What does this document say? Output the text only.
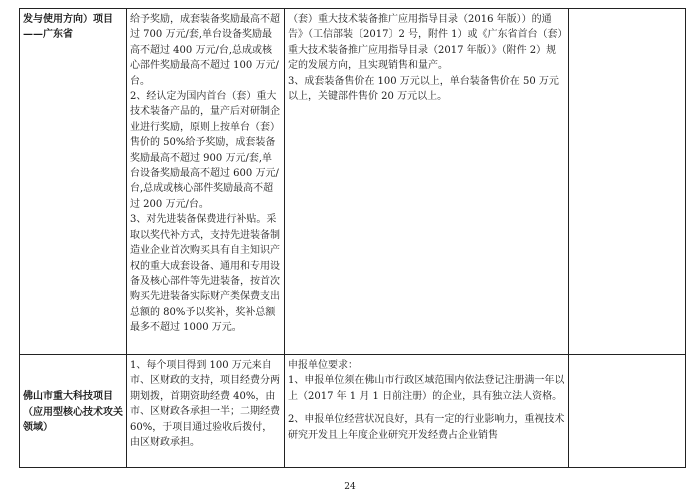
发与使用方向）项目——广东省	给予奖励，成套装备奖励最高不超过 700 万元/套,单台设备奖励最高不超过 400 万元/台,总成或核心部件奖励最高不超过 100 万元/台。
2、经认定为国内首台（套）重大技术装备产品的，量产后对研制企业进行奖励，原则上按单台（套）售价的 50%给予奖励，成套装备奖励最高不超过 900 万元/套,单台设备奖励最高不超过 600 万元/台,总成或核心部件奖励最高不超过 200 万元/台。
3、对先进装备保费进行补贴。采取以奖代补方式，支持先进装备制造业企业首次购买具有自主知识产权的重大成套设备、通用和专用设备及核心部件等先进装备，按首次购买先进装备实际财产类保费支出总额的 80%予以奖补，奖补总额最多不超过 1000 万元。	（套）重大技术装备推广应用指导目录（2016 年版））的通告》（工信部装〔2017〕2 号，附件 1）或《广东省首台（套）重大技术装备推广应用指导目录（2017 年版）》（附件 2）规定的发展方向，且实现销售和量产。
3、成套装备售价在 100 万元以上，单台装备售价在 50 万元以上，关键部件售价 20 万元以上。	

佛山市重大科技项目（应用型核心技术攻关领域）	1、每个项目得到 100 万元来自市、区财政的支持，项目经费分两期划拨，首期资助经费 40%，由市、区财政各承担一半；二期经费 60%，于项目通过验收后拨付，由区财政承担。	申报单位要求：
1、申报单位须在佛山市行政区域范围内依法登记注册满一年以上（2017 年 1 月 1 日前注册）的企业，具有独立法人资格。
2、申报单位经营状况良好，具有一定的行业影响力，重视技术研究开发且上年度企业研究开发经费占企业销售	

24
